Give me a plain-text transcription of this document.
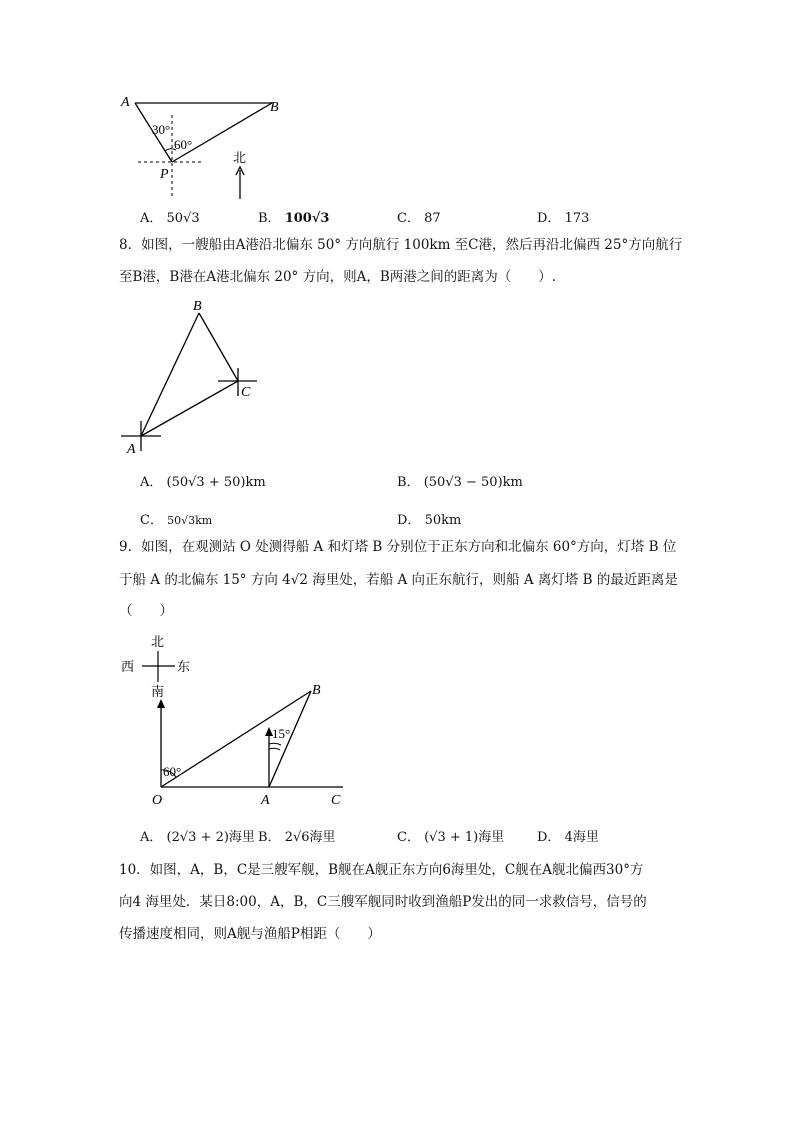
A	B
P
30°
60°
北
A． 50√3	B． 100√3	C． 87	D． 173
8．如图，一艘船由A港沿北偏东 50° 方向航行 100km 至C港，然后再沿北偏西 25°方向航行
至B港，B港在A港北偏东 20° 方向，则A，B两港之间的距离为（　　）.
B
C
A
A． (50√3 + 50)km	B． (50√3 − 50)km
C． 50√3km	D． 50km
9．如图，在观测站 O 处测得船 A 和灯塔 B 分别位于正东方向和北偏东 60°方向，灯塔 B 位
于船 A 的北偏东 15° 方向 4√2 海里处，若船 A 向正东航行，则船 A 离灯塔 B 的最近距离是
（　　）
北
南
西	东
60°
15°
O	A	C
B
A． (2√3 + 2)海里 B． 2√6海里	C． (√3 + 1)海里	D． 4海里
10．如图，A，B，C是三艘军舰，B舰在A舰正东方向6海里处，C舰在A舰北偏西30°方
向4 海里处．某日8:00，A，B，C三艘军舰同时收到渔船P发出的同一求救信号，信号的
传播速度相同，则A舰与渔船P相距（　　）
